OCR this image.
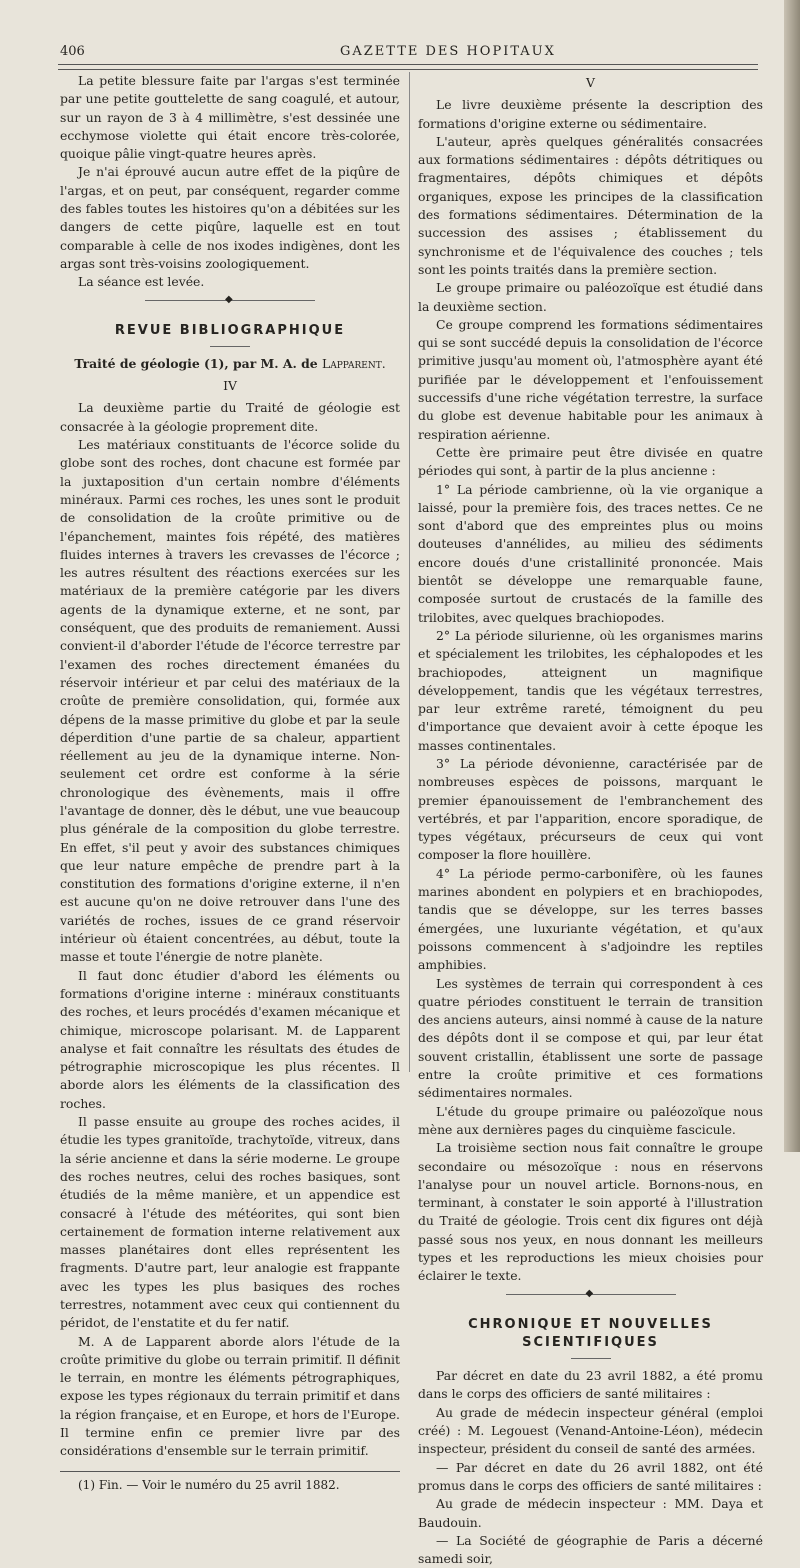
406	GAZETTE DES HOPITAUX

La petite blessure faite par l'argas s'est terminée par une petite gouttelette de sang coagulé, et autour, sur un rayon de 3 à 4 millimètre, s'est dessinée une ecchymose violette qui était encore très-colorée, quoique pâlie vingt-quatre heures après.

Je n'ai éprouvé aucun autre effet de la piqûre de l'argas, et on peut, par conséquent, regarder comme des fables toutes les histoires qu'on a débitées sur les dangers de cette piqûre, laquelle est en tout comparable à celle de nos ixodes indigènes, dont les argas sont très-voisins zoologiquement.

La séance est levée.

◆
REVUE BIBLIOGRAPHIQUE
Traité de géologie (1), par M. A. de Lapparent.
IV

La deuxième partie du Traité de géologie est consacrée à la géologie proprement dite.

Les matériaux constituants de l'écorce solide du globe sont des roches, dont chacune est formée par la juxtaposition d'un certain nombre d'éléments minéraux. Parmi ces roches, les unes sont le produit de consolidation de la croûte primitive ou de l'épanchement, maintes fois répété, des matières fluides internes à travers les crevasses de l'écorce ; les autres résultent des réactions exercées sur les matériaux de la première catégorie par les divers agents de la dynamique externe, et ne sont, par conséquent, que des produits de remaniement. Aussi convient-il d'aborder l'étude de l'écorce terrestre par l'examen des roches directement émanées du réservoir intérieur et par celui des matériaux de la croûte de première consolidation, qui, formée aux dépens de la masse primitive du globe et par la seule déperdition d'une partie de sa chaleur, appartient réellement au jeu de la dynamique interne. Non-seulement cet ordre est conforme à la série chronologique des évènements, mais il offre l'avantage de donner, dès le début, une vue beaucoup plus générale de la composition du globe terrestre. En effet, s'il peut y avoir des substances chimiques que leur nature empêche de prendre part à la constitution des formations d'origine externe, il n'en est aucune qu'on ne doive retrouver dans l'une des variétés de roches, issues de ce grand réservoir intérieur où étaient concentrées, au début, toute la masse et toute l'énergie de notre planète.

Il faut donc étudier d'abord les éléments ou formations d'origine interne : minéraux constituants des roches, et leurs procédés d'examen mécanique et chimique, microscope polarisant. M. de Lapparent analyse et fait connaître les résultats des études de pétrographie microscopique les plus récentes. Il aborde alors les éléments de la classification des roches.

Il passe ensuite au groupe des roches acides, il étudie les types granitoïde, trachytoïde, vitreux, dans la série ancienne et dans la série moderne. Le groupe des roches neutres, celui des roches basiques, sont étudiés de la même manière, et un appendice est consacré à l'étude des météorites, qui sont bien certainement de formation interne relativement aux masses planétaires dont elles représentent les fragments. D'autre part, leur analogie est frappante avec les types les plus basiques des roches terrestres, notamment avec ceux qui contiennent du péridot, de l'enstatite et du fer natif.

M. A de Lapparent aborde alors l'étude de la croûte primitive du globe ou terrain primitif. Il définit le terrain, en montre les éléments pétrographiques, expose les types régionaux du terrain primitif et dans la région française, et en Europe, et hors de l'Europe. Il termine enfin ce premier livre par des considérations d'ensemble sur le terrain primitif.

(1) Fin. — Voir le numéro du 25 avril 1882.

V

Le livre deuxième présente la description des formations d'origine externe ou sédimentaire.

L'auteur, après quelques généralités consacrées aux formations sédimentaires : dépôts détritiques ou fragmentaires, dépôts chimiques et dépôts organiques, expose les principes de la classification des formations sédimentaires. Détermination de la succession des assises ; établissement du synchronisme et de l'équivalence des couches ; tels sont les points traités dans la première section.

Le groupe primaire ou paléozoïque est étudié dans la deuxième section.

Ce groupe comprend les formations sédimentaires qui se sont succédé depuis la consolidation de l'écorce primitive jusqu'au moment où, l'atmosphère ayant été purifiée par le développement et l'enfouissement successifs d'une riche végétation terrestre, la surface du globe est devenue habitable pour les animaux à respiration aérienne.

Cette ère primaire peut être divisée en quatre périodes qui sont, à partir de la plus ancienne :

1° La période cambrienne, où la vie organique a laissé, pour la première fois, des traces nettes. Ce ne sont d'abord que des empreintes plus ou moins douteuses d'annélides, au milieu des sédiments encore doués d'une cristallinité prononcée. Mais bientôt se développe une remarquable faune, composée surtout de crustacés de la famille des trilobites, avec quelques brachiopodes.

2° La période silurienne, où les organismes marins et spécialement les trilobites, les céphalopodes et les brachiopodes, atteignent un magnifique développement, tandis que les végétaux terrestres, par leur extrême rareté, témoignent du peu d'importance que devaient avoir à cette époque les masses continentales.

3° La période dévonienne, caractérisée par de nombreuses espèces de poissons, marquant le premier épanouissement de l'embranchement des vertébrés, et par l'apparition, encore sporadique, de types végétaux, précurseurs de ceux qui vont composer la flore houillère.

4° La période permo-carbonifère, où les faunes marines abondent en polypiers et en brachiopodes, tandis que se développe, sur les terres basses émergées, une luxuriante végétation, et qu'aux poissons commencent à s'adjoindre les reptiles amphibies.

Les systèmes de terrain qui correspondent à ces quatre périodes constituent le terrain de transition des anciens auteurs, ainsi nommé à cause de la nature des dépôts dont il se compose et qui, par leur état souvent cristallin, établissent une sorte de passage entre la croûte primitive et ces formations sédimentaires normales.

L'étude du groupe primaire ou paléozoïque nous mène aux dernières pages du cinquième fascicule.

La troisième section nous fait connaître le groupe secondaire ou mésozoïque : nous en réservons l'analyse pour un nouvel article. Bornons-nous, en terminant, à constater le soin apporté à l'illustration du Traité de géologie. Trois cent dix figures ont déjà passé sous nos yeux, en nous donnant les meilleurs types et les reproductions les mieux choisies pour éclairer le texte.

◆
CHRONIQUE ET NOUVELLES SCIENTIFIQUES

Par décret en date du 23 avril 1882, a été promu dans le corps des officiers de santé militaires :

Au grade de médecin inspecteur général (emploi créé) : M. Legouest (Venand-Antoine-Léon), médecin inspecteur, président du conseil de santé des armées.

— Par décret en date du 26 avril 1882, ont été promus dans le corps des officiers de santé militaires :

Au grade de médecin inspecteur : MM. Daya et Baudouin.

— La Société de géographie de Paris a décerné samedi soir,
